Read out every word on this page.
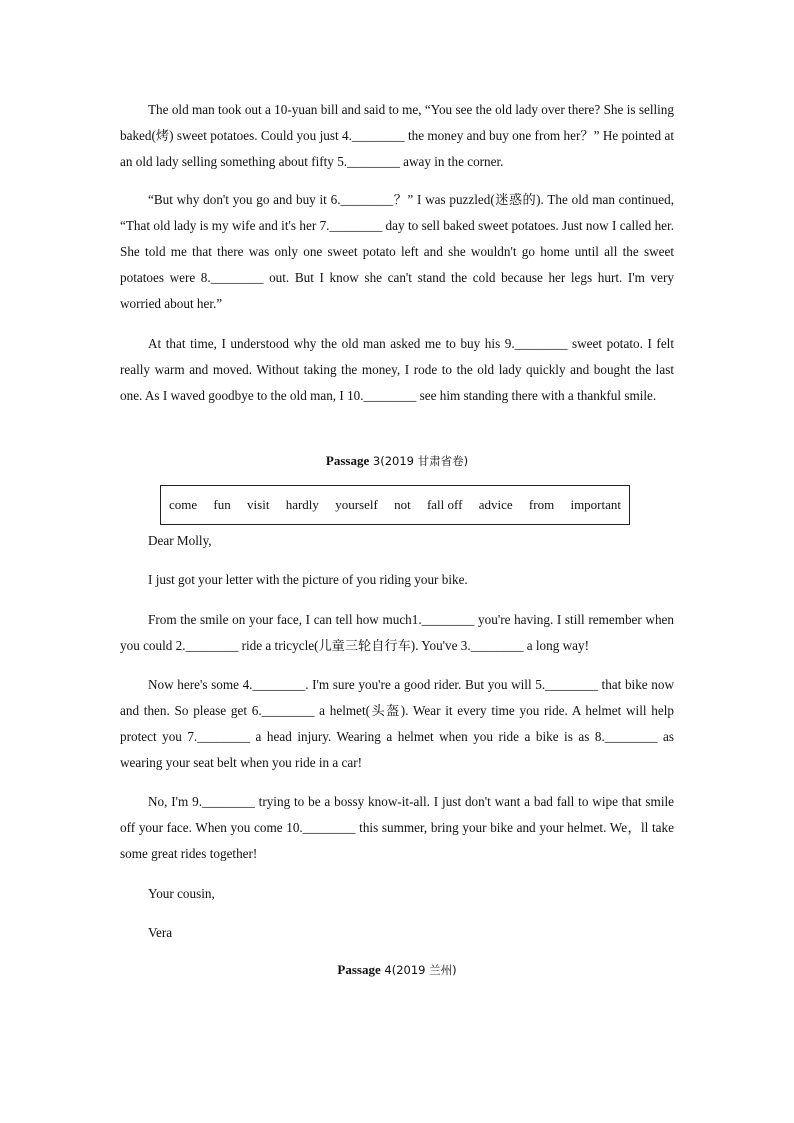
The old man took out a 10-yuan bill and said to me, “You see the old lady over there? She is selling baked(烤) sweet potatoes. Could you just 4.________ the money and buy one from her？” He pointed at an old lady selling something about fifty 5.________ away in the corner.

“But why don't you go and buy it 6.________？” I was puzzled(迷惑的). The old man continued, “That old lady is my wife and it's her 7.________ day to sell baked sweet potatoes. Just now I called her. She told me that there was only one sweet potato left and she wouldn't go home until all the sweet potatoes were 8.________ out. But I know she can't stand the cold because her legs hurt. I'm very worried about her.”

At that time, I understood why the old man asked me to buy his 9.________ sweet potato. I felt really warm and moved. Without taking the money, I rode to the old lady quickly and bought the last one. As I waved goodbye to the old man, I 10.________ see him standing there with a thankful smile.

Passage 3(2019 甘肃省卷)

come fun visit hardly yourself not fall off advice from important

Dear Molly,

I just got your letter with the picture of you riding your bike.

From the smile on your face, I can tell how much1.________ you're having. I still remember when you could 2.________ ride a tricycle(儿童三轮自行车). You've 3.________ a long way!

Now here's some 4.________. I'm sure you're a good rider. But you will 5.________ that bike now and then. So please get 6.________ a helmet(头盔). Wear it every time you ride. A helmet will help protect you 7.________ a head injury. Wearing a helmet when you ride a bike is as 8.________ as wearing your seat belt when you ride in a car!

No, I'm 9.________ trying to be a bossy know-it-all. I just don't want a bad fall to wipe that smile off your face. When you come 10.________ this summer, bring your bike and your helmet. We，ll take some great rides together!

Your cousin,

Vera

Passage 4(2019 兰州)
